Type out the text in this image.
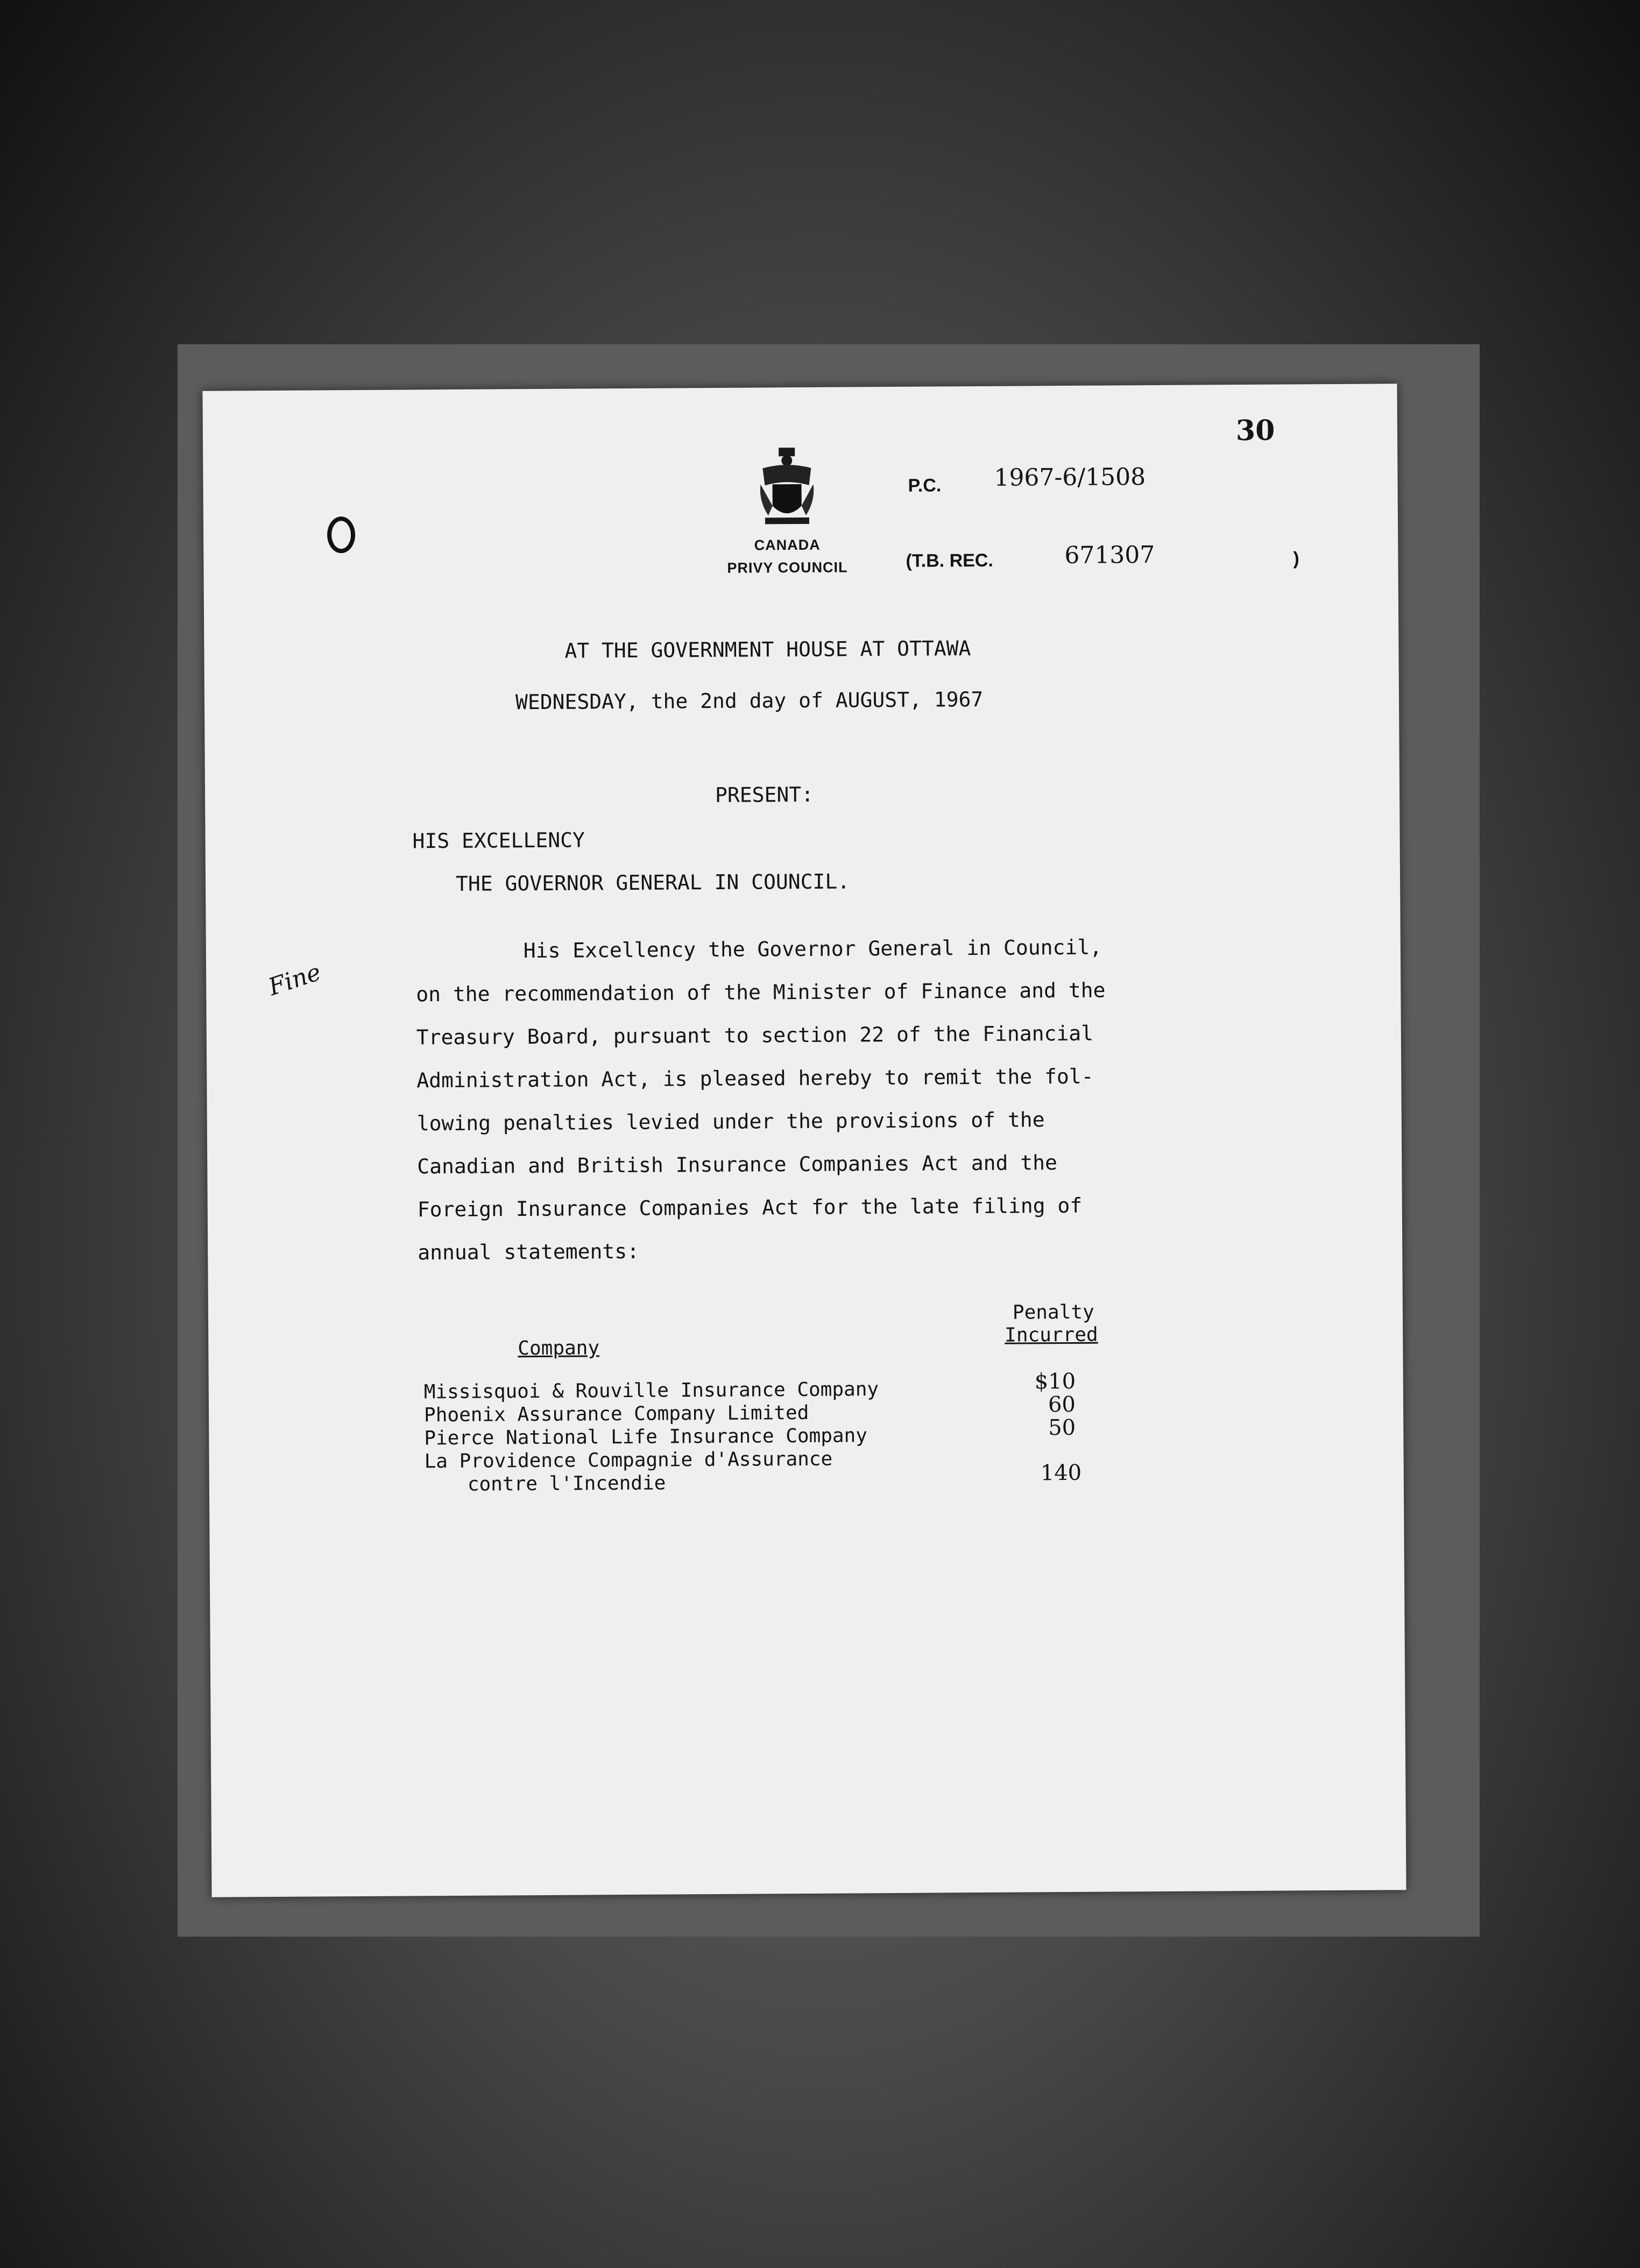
CANADA
PRIVY COUNCIL
P.C. 1967-6/1508
(T.B. REC.	671307	)
30
AT THE GOVERNMENT HOUSE AT OTTAWA
WEDNESDAY, the 2nd day of AUGUST, 1967
PRESENT:
HIS EXCELLENCY
THE GOVERNOR GENERAL IN COUNCIL.
Fine
His Excellency the Governor General in Council,
on the recommendation of the Minister of Finance and the
Treasury Board, pursuant to section 22 of the Financial
Administration Act, is pleased hereby to remit the fol-
lowing penalties levied under the provisions of the
Canadian and British Insurance Companies Act and the
Foreign Insurance Companies Act for the late filing of
annual statements:
Penalty
Incurred
Company
Missisquoi & Rouville Insurance Company	$10
Phoenix Assurance Company Limited	60
Pierce National Life Insurance Company	50
La Providence Compagnie d'Assurance
contre l'Incendie	140
